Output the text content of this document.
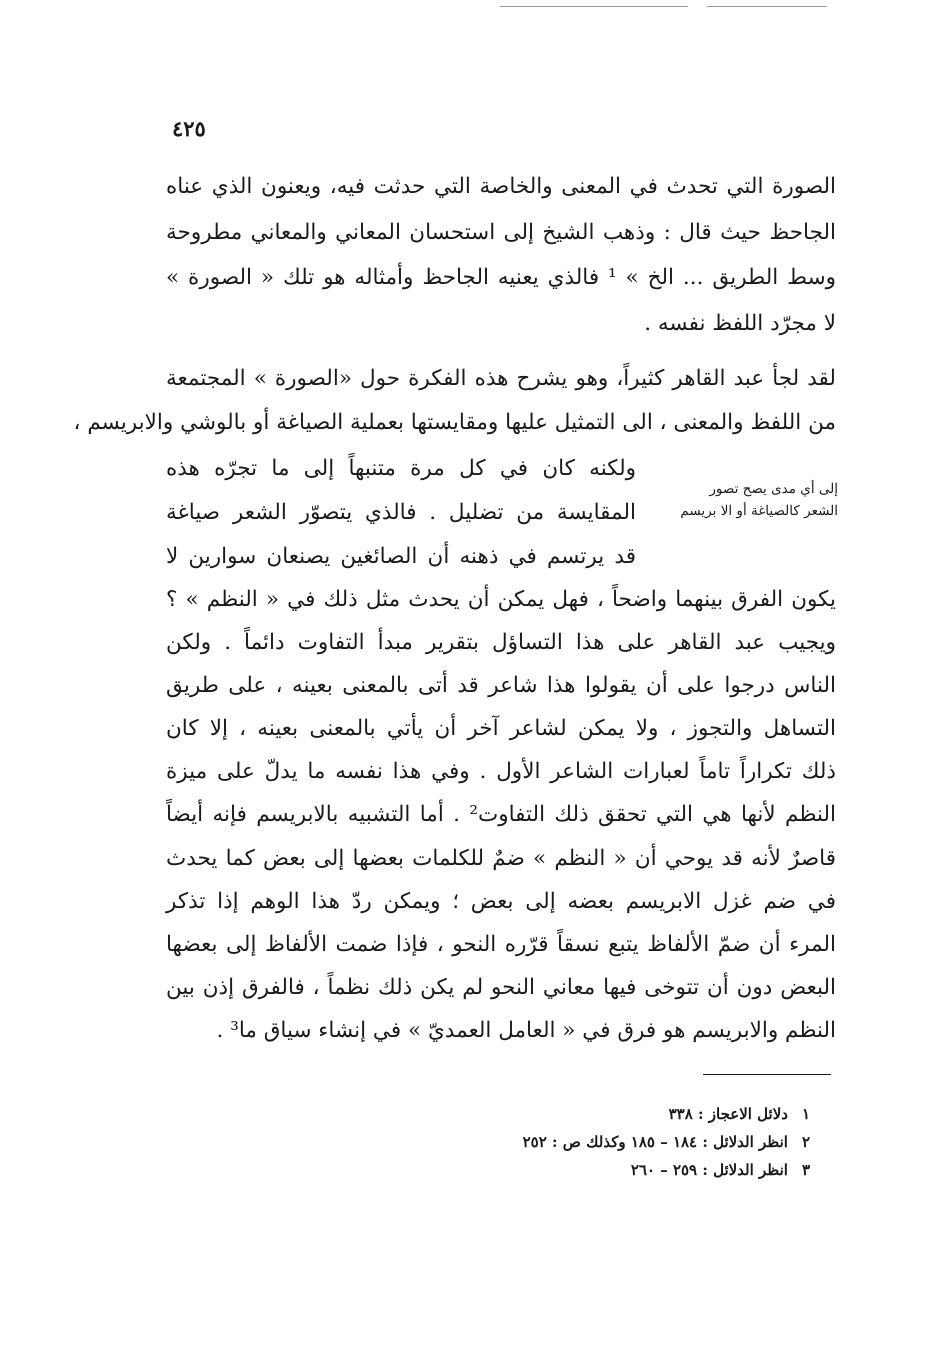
٤٢٥
الصورة التي تحدث في المعنى والخاصة التي حدثت فيه، ويعنون الذي عناه
الجاحظ حيث قال : وذهب الشيخ إلى استحسان المعاني والمعاني مطروحة
وسط الطريق ... الخ » ¹ فالذي يعنيه الجاحظ وأمثاله هو تلك « الصورة »
لا مجرّد اللفظ نفسه .
لقد لجأ عبد القاهر كثيراً، وهو يشرح هذه الفكرة حول «الصورة » المجتمعة
من اللفظ والمعنى ، الى التمثيل عليها ومقايستها بعملية الصياغة أو بالوشي والابريسم ،
ولكنه كان في كل مرة متنبهاً إلى ما تجرّه هذه
المقايسة من تضليل . فالذي يتصوّر الشعر صياغة
قد يرتسم في ذهنه أن الصائغين يصنعان سوارين لا
إلى أي مدى يصح تصور
الشعر كالصياغة أو الا بريسم
يكون الفرق بينهما واضحاً ، فهل يمكن أن يحدث مثل ذلك في « النظم » ؟
ويجيب عبد القاهر على هذا التساؤل بتقرير مبدأ التفاوت دائماً . ولكن
الناس درجوا على أن يقولوا هذا شاعر قد أتى بالمعنى بعينه ، على طريق
التساهل والتجوز ، ولا يمكن لشاعر آخر أن يأتي بالمعنى بعينه ، إلا كان
ذلك تكراراً تاماً لعبارات الشاعر الأول . وفي هذا نفسه ما يدلّ على ميزة
النظم لأنها هي التي تحقق ذلك التفاوت² . أما التشبيه بالابريسم فإنه أيضاً
قاصرٌ لأنه قد يوحي أن « النظم » ضمٌ للكلمات بعضها إلى بعض كما يحدث
في ضم غزل الابريسم بعضه إلى بعض ؛ ويمكن ردّ هذا الوهم إذا تذكر
المرء أن ضمّ الألفاظ يتبع نسقاً قرّره النحو ، فإذا ضمت الألفاظ إلى بعضها
البعض دون أن تتوخى فيها معاني النحو لم يكن ذلك نظماً ، فالفرق إذن بين
النظم والابريسم هو فرق في « العامل العمديّ » في إنشاء سياق ما³ .
١دلائل الاعجاز : ٣٣٨
٢انظر الدلائل : ١٨٤ – ١٨٥ وكذلك ص : ٢٥٢
٣انظر الدلائل : ٢٥٩ – ٢٦٠
